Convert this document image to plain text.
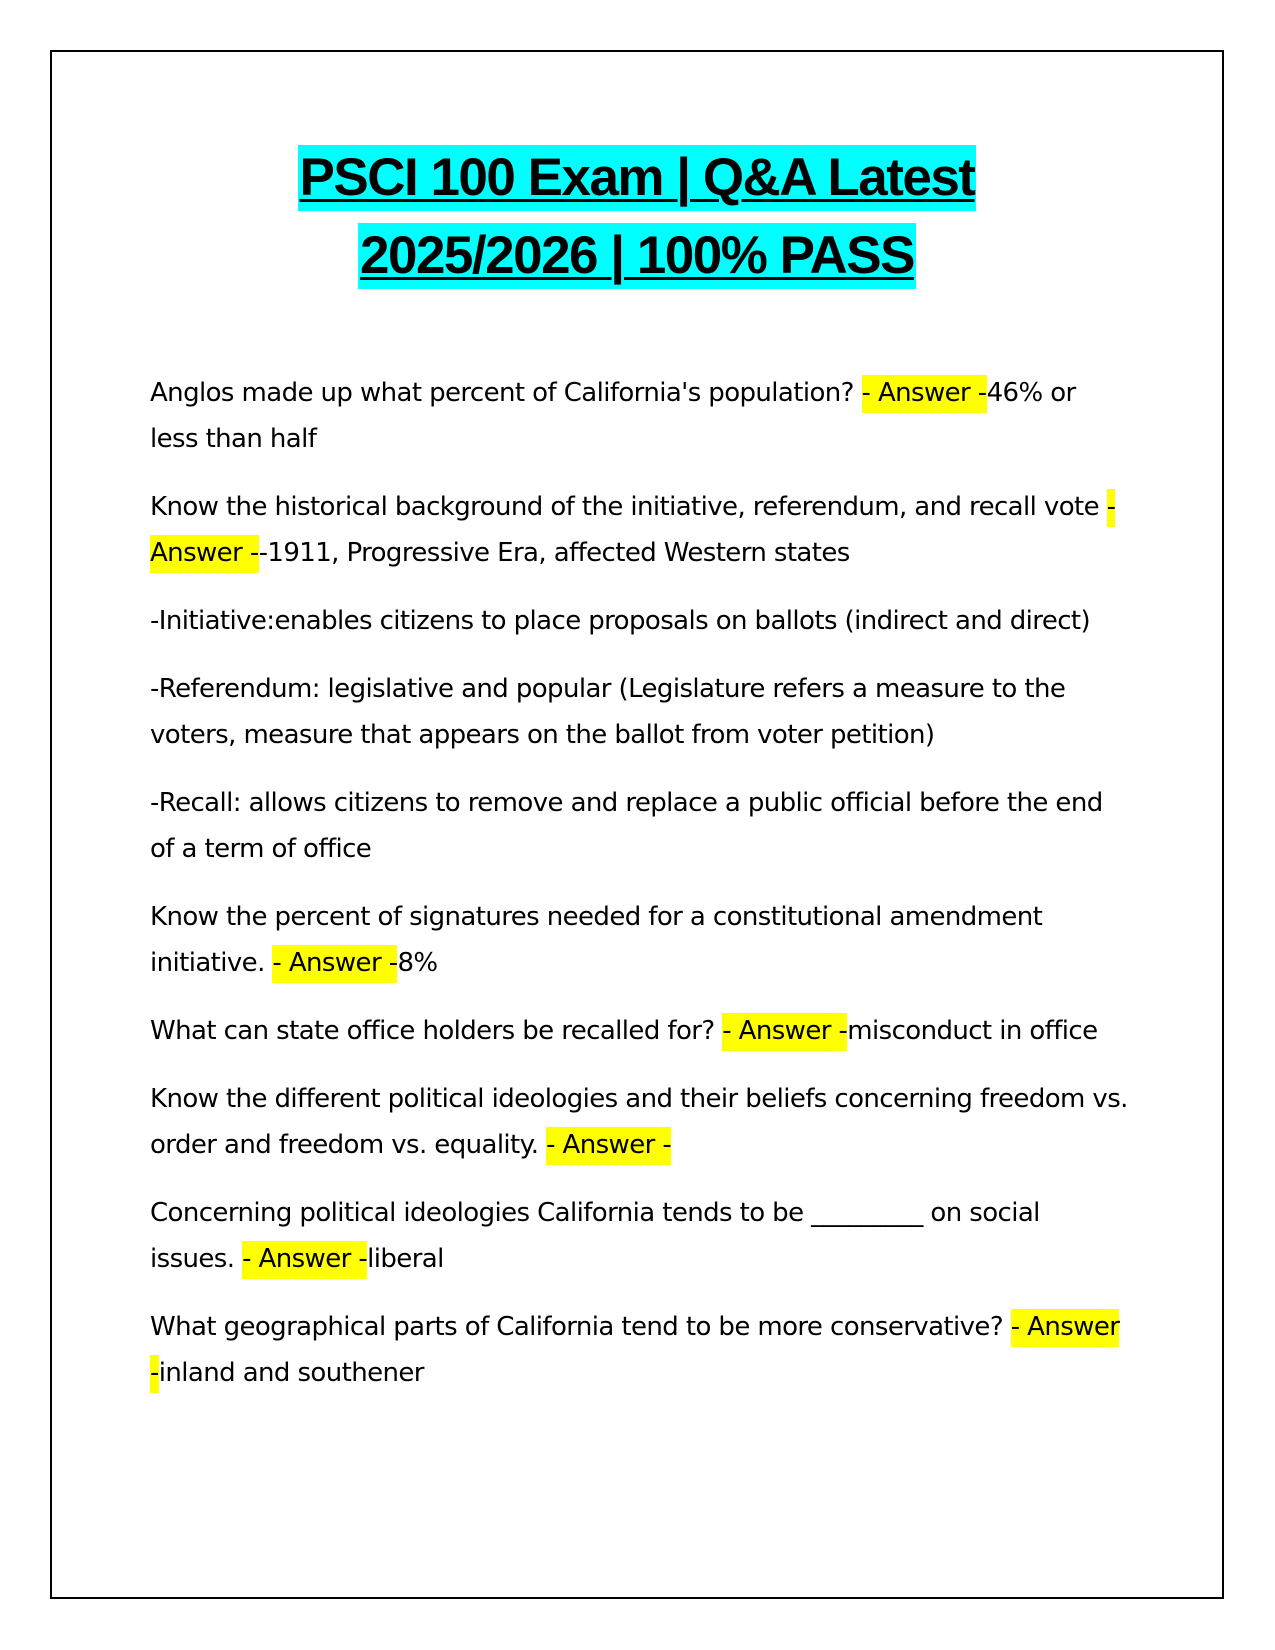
PSCI 100 Exam | Q&A Latest
2025/2026 | 100% PASS

Anglos made up what percent of California's population? - Answer -46% or less than half

Know the historical background of the initiative, referendum, and recall vote - Answer --1911, Progressive Era, affected Western states

-Initiative:enables citizens to place proposals on ballots (indirect and direct)

-Referendum: legislative and popular (Legislature refers a measure to the voters, measure that appears on the ballot from voter petition)

-Recall: allows citizens to remove and replace a public official before the end of a term of office

Know the percent of signatures needed for a constitutional amendment initiative. - Answer -8%

What can state office holders be recalled for? - Answer -misconduct in office

Know the different political ideologies and their beliefs concerning freedom vs. order and freedom vs. equality. - Answer -

Concerning political ideologies California tends to be _________ on social issues. - Answer -liberal

What geographical parts of California tend to be more conservative? - Answer -inland and southener
